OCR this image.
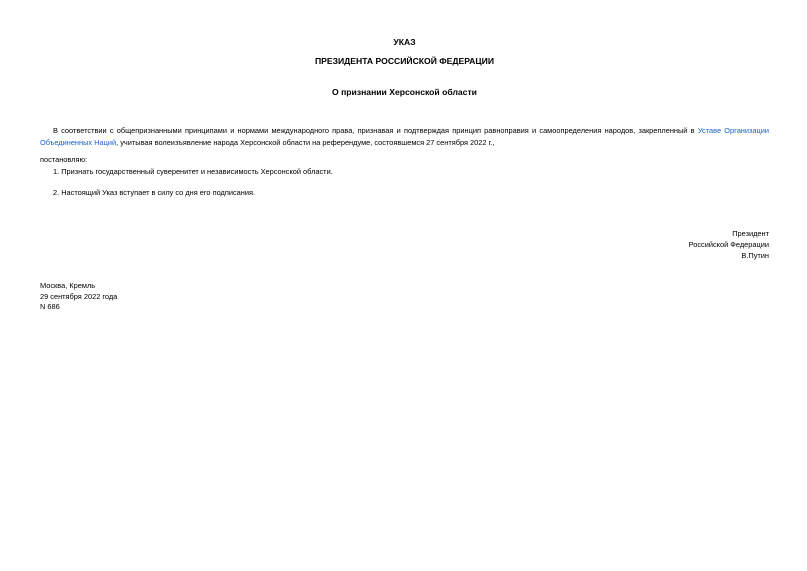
УКАЗ
ПРЕЗИДЕНТА РОССИЙСКОЙ ФЕДЕРАЦИИ
О признании Херсонской области
В соответствии с общепризнанными принципами и нормами международного права, признавая и подтверждая принцип равноправия и самоопределения народов, закрепленный в Уставе Организации Объединенных Наций, учитывая волеизъявление народа Херсонской области на референдуме, состоявшемся 27 сентября 2022 г.,
постановляю:
1. Признать государственный суверенитет и независимость Херсонской области.
2. Настоящий Указ вступает в силу со дня его подписания.
Президент
Российской Федерации
В.Путин
Москва, Кремль
29 сентября 2022 года
N 686
